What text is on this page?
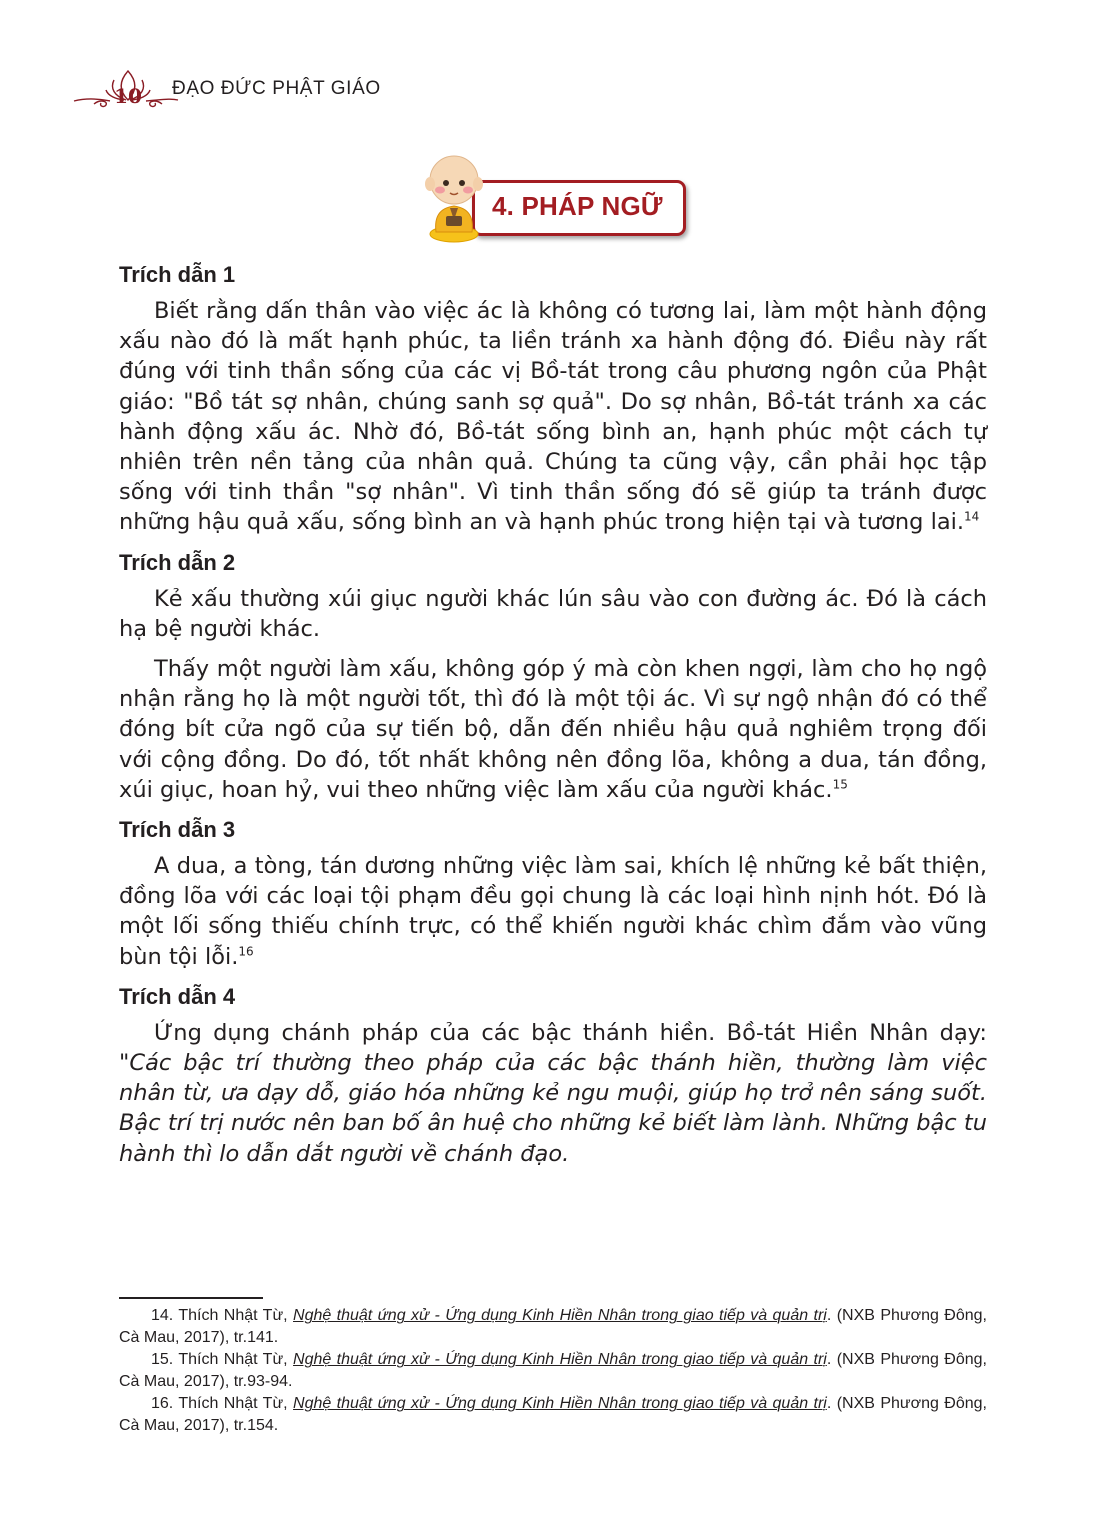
10 ĐẠO ĐỨC PHẬT GIÁO
4. PHÁP NGỮ
Trích dẫn 1

Biết rằng dấn thân vào việc ác là không có tương lai, làm một hành động xấu nào đó là mất hạnh phúc, ta liền tránh xa hành động đó. Điều này rất đúng với tinh thần sống của các vị Bồ-tát trong câu phương ngôn của Phật giáo: "Bồ tát sợ nhân, chúng sanh sợ quả". Do sợ nhân, Bồ-tát tránh xa các hành động xấu ác. Nhờ đó, Bồ-tát sống bình an, hạnh phúc một cách tự nhiên trên nền tảng của nhân quả. Chúng ta cũng vậy, cần phải học tập sống với tinh thần "sợ nhân". Vì tinh thần sống đó sẽ giúp ta tránh được những hậu quả xấu, sống bình an và hạnh phúc trong hiện tại và tương lai.$^{14}$

Trích dẫn 2

Kẻ xấu thường xúi giục người khác lún sâu vào con đường ác. Đó là cách hạ bệ người khác.

Thấy một người làm xấu, không góp ý mà còn khen ngợi, làm cho họ ngộ nhận rằng họ là một người tốt, thì đó là một tội ác. Vì sự ngộ nhận đó có thể đóng bít cửa ngõ của sự tiến bộ, dẫn đến nhiều hậu quả nghiêm trọng đối với cộng đồng. Do đó, tốt nhất không nên đồng lõa, không a dua, tán đồng, xúi giục, hoan hỷ, vui theo những việc làm xấu của người khác.$^{15}$

Trích dẫn 3

A dua, a tòng, tán dương những việc làm sai, khích lệ những kẻ bất thiện, đồng lõa với các loại tội phạm đều gọi chung là các loại hình nịnh hót. Đó là một lối sống thiếu chính trực, có thể khiến người khác chìm đắm vào vũng bùn tội lỗi.$^{16}$

Trích dẫn 4

Ứng dụng chánh pháp của các bậc thánh hiền. Bồ-tát Hiền Nhân dạy: "Các bậc trí thường theo pháp của các bậc thánh hiền, thường làm việc nhân từ, ưa dạy dỗ, giáo hóa những kẻ ngu muội, giúp họ trở nên sáng suốt. Bậc trí trị nước nên ban bố ân huệ cho những kẻ biết làm lành. Những bậc tu hành thì lo dẫn dắt người về chánh đạo.

14. Thích Nhật Từ, Nghệ thuật ứng xử - Ứng dụng Kinh Hiền Nhân trong giao tiếp và quản trị. (NXB Phương Đông, Cà Mau, 2017), tr.141.

15. Thích Nhật Từ, Nghệ thuật ứng xử - Ứng dụng Kinh Hiền Nhân trong giao tiếp và quản trị. (NXB Phương Đông, Cà Mau, 2017), tr.93-94.

16. Thích Nhật Từ, Nghệ thuật ứng xử - Ứng dụng Kinh Hiền Nhân trong giao tiếp và quản trị. (NXB Phương Đông, Cà Mau, 2017), tr.154.
